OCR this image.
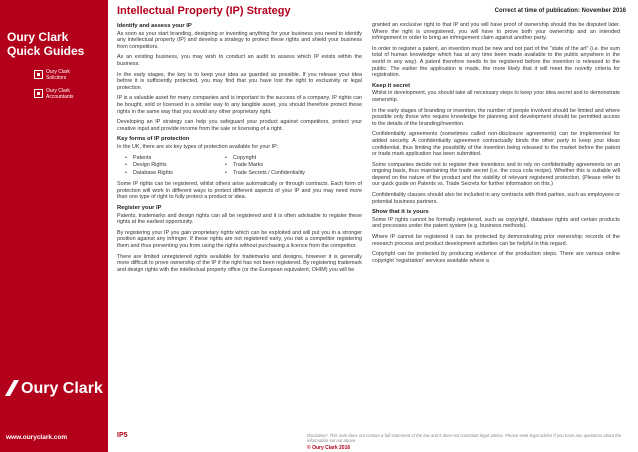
Oury Clark
Quick Guides
Oury Clark Solicitors
Oury Clark Accountants
Oury Clark
www.ouryclark.com
Intellectual Property (IP) Strategy	Correct at time of publication: November 2016
Identify and assess your IP

As soon as your start branding, designing or inventing anything for your business you need to identify any intellectual property (IP) and develop a strategy to protect these rights and shield your business from competitors.

As an existing business, you may wish to conduct an audit to assess which IP exists within the business.

In the early stages, the key is to keep your idea as guarded as possible. If you release your idea before it is sufficiently protected, you may find that you have lost the right to exclusivity or legal protection.

IP is a valuable asset for many companies and is important to the success of a company. IP rights can be bought, sold or licensed in a similar way to any tangible asset, you should therefore protect these rights in the same way that you would any other proprietary right.

Developing an IP strategy can help you safeguard your product against competitors, protect your creative input and provide income from the sale or licensing of a right.

Key forms of IP protection

In the UK, there are six key types of protection available for your IP:

• Patents
• Design Rights
• Database Rights
• Copyright
• Trade Marks
• Trade Secrets / Confidentiality

Some IP rights can be registered, whilst others arise automatically or through contracts. Each form of protection will work in different ways to protect different aspects of your IP and you may need more than one type of right to fully protect a product or idea.

Register your IP

Patents, trademarks and design rights can all be registered and it is often advisable to register these rights at the earliest opportunity.

By registering your IP you gain proprietary rights which can be exploited and will put you in a stronger position against any infringer. If these rights are not registered early, you risk a competitor registering them and thus preventing you from using the rights without purchasing a licence from the competitor.

There are limited unregistered rights available for trademarks and designs, however it is generally more difficult to prove ownership of the IP if the right has not been registered. By registering trademark and design rights with the intellectual property office (or the European equivalent, OHIM) you will be

granted an exclusive right to that IP and you will have proof of ownership should this be disputed later. Where the right is unregistered, you will have to prove both your ownership and an intended infringement in order to bring an infringement claim against another party.

In order to register a patent, an invention must be new and not part of the "state of the art" (i.e. the sum total of human knowledge which has at any time been made available to the public anywhere in the world in any way). A patent therefore needs to be registered before the invention is released to the public. The earlier the application is made, the more likely that it will meet the novelty criteria for registration.

Keep it secret

Whilst in development, you should take all necessary steps to keep your idea secret and to demonstrate ownership.

In the early stages of branding or invention, the number of people involved should be limited and where possible only those who require knowledge for planning and development should be permitted access to the details of the branding/invention.

Confidentiality agreements (sometimes called non-disclosure agreements) can be implemented for added security. A confidentiality agreement contractually binds the other party to keep your ideas confidential, thus limiting the possibility of the invention being released to the market before the patent or trade mark application has been submitted.

Some companies decide not to register their inventions and to rely on confidentiality agreements on an ongoing basis, thus maintaining the trade secret (i.e. the coca cola recipe). Whether this is suitable will depend on the nature of the product and the viability of relevant registered protection. (Please refer to our quick guide on Patents vs. Trade Secrets for further information on this.)

Confidentiality clauses should also be included in any contracts with third parties, such as employees or potential business partners.

Show that it is yours

Some IP rights cannot be formally registered, such as copyright, database rights and certain products and processes under the patent system (e.g. business methods).

Where IP cannot be registered it can be protected by demonstrating prior ownership; records of the research process and product development activities can be helpful in this regard.

Copyright can be protected by producing evidence of the production steps. There are various online copyright 'registration' services available where a

IP5	Disclaimer: This note does not contain a full statement of the law and it does not constitute legal advice. Please seek legal advice if you have any questions about the information set out above.
© Oury Clark 2016
